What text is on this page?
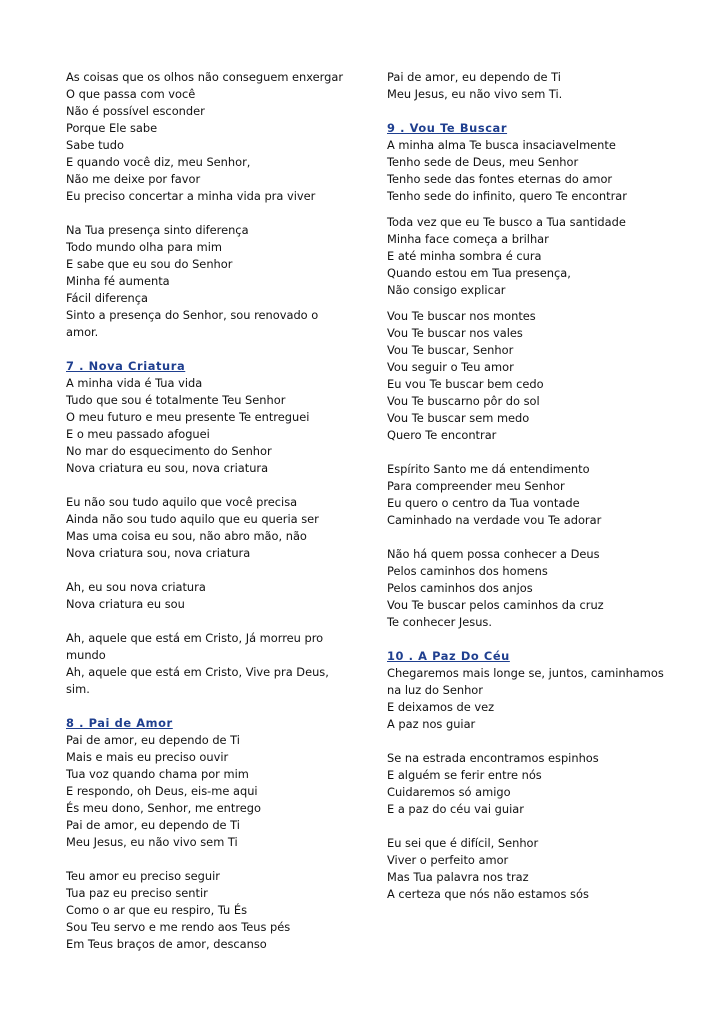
As coisas que os olhos não conseguem enxergar
O que passa com você
Não é possível esconder
Porque Ele sabe
Sabe tudo
E quando você diz, meu Senhor,
Não me deixe por favor
Eu preciso concertar a minha vida pra viver
Na Tua presença sinto diferença
Todo mundo olha para mim
E sabe que eu sou do Senhor
Minha fé aumenta
Fácil diferença
Sinto a presença do Senhor, sou renovado o amor.
7 . Nova Criatura
A minha vida é Tua vida
Tudo que sou é totalmente Teu Senhor
O meu futuro e meu presente Te entreguei
E o meu passado afoguei
No mar do esquecimento do Senhor
Nova criatura eu sou, nova criatura
Eu não sou tudo aquilo que você precisa
Ainda não sou tudo aquilo que eu queria ser
Mas uma coisa eu sou, não abro mão, não
Nova criatura sou, nova criatura
Ah, eu sou nova criatura
Nova criatura eu sou
Ah, aquele que está em Cristo, Já morreu pro mundo
Ah, aquele que está em Cristo, Vive pra Deus, sim.
8 . Pai de Amor
Pai de amor, eu dependo de Ti
Mais e mais eu preciso ouvir
Tua voz quando chama por mim
E respondo, oh Deus, eis-me aqui
És meu dono, Senhor, me entrego
Pai de amor, eu dependo de Ti
Meu Jesus, eu não vivo sem Ti
Teu amor eu preciso seguir
Tua paz eu preciso sentir
Como o ar que eu respiro, Tu És
Sou Teu servo e me rendo aos Teus pés
Em Teus braços de amor, descanso
Pai de amor, eu dependo de Ti
Meu Jesus, eu não vivo sem Ti.
9 . Vou Te Buscar
A minha alma Te busca insaciavelmente
Tenho sede de Deus, meu Senhor
Tenho sede das fontes eternas do amor
Tenho sede do infinito, quero Te encontrar
Toda vez que eu Te busco a Tua santidade
Minha face começa a brilhar
E até minha sombra é cura
Quando estou em Tua presença,
Não consigo explicar
Vou Te buscar nos montes
Vou Te buscar nos vales
Vou Te buscar, Senhor
Vou seguir o Teu amor
Eu vou Te buscar bem cedo
Vou Te buscarno pôr do sol
Vou Te buscar sem medo
Quero Te encontrar
Espírito Santo me dá entendimento
Para compreender meu Senhor
Eu quero o centro da Tua vontade
Caminhado na verdade vou Te adorar
Não há quem possa conhecer a Deus
Pelos caminhos dos homens
Pelos caminhos dos anjos
Vou Te buscar pelos caminhos da cruz
Te conhecer Jesus.
10 . A Paz Do Céu
Chegaremos mais longe se, juntos, caminhamos na luz do Senhor
E deixamos de vez
A paz nos guiar
Se na estrada encontramos espinhos
E alguém se ferir entre nós
Cuidaremos só amigo
E a paz do céu vai guiar
Eu sei que é difícil, Senhor
Viver o perfeito amor
Mas Tua palavra nos traz
A certeza que nós não estamos sós
